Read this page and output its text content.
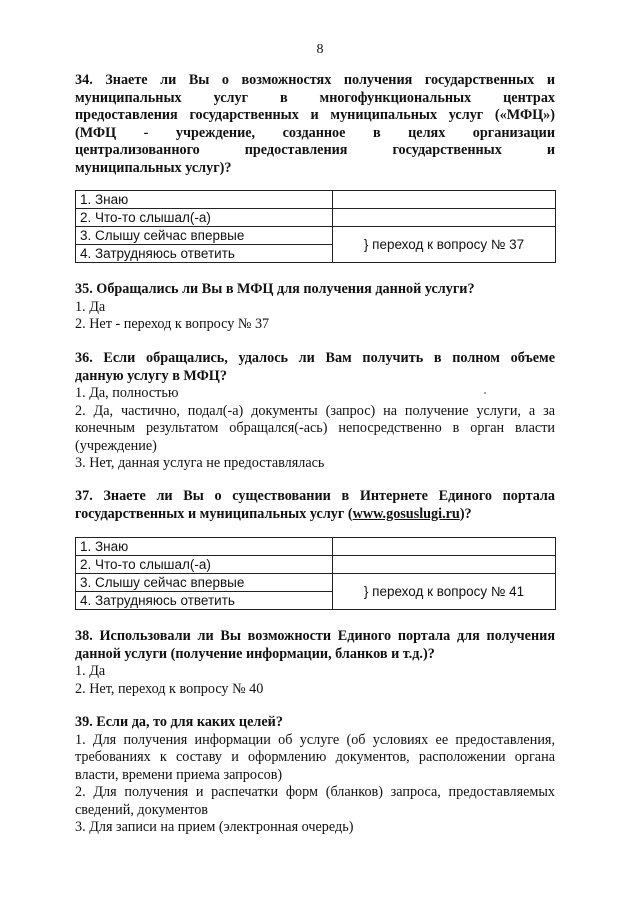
8
34. Знаете ли Вы о возможностях получения государственных и
муниципальных услуг в многофункциональных центрах
предоставления государственных и муниципальных услуг («МФЦ»)
(МФЦ - учреждение, созданное в целях организации
централизованного предоставления государственных и
муниципальных услуг)?
1. Знаю	
2. Что-то слышал(-а)	
3. Слышу сейчас впервые	} переход к вопросу № 37
4. Затрудняюсь ответить	
35. Обращались ли Вы в МФЦ для получения данной услуги?
1. Да
2. Нет - переход к вопросу № 37
36. Если обращались, удалось ли Вам получить в полном объеме
данную услугу в МФЦ?
1. Да, полностью
2. Да, частично, подал(-а) документы (запрос) на получение услуги, а за конечным результатом обращался(-ась) непосредственно в орган власти (учреждение)
3. Нет, данная услуга не предоставлялась
37. Знаете ли Вы о существовании в Интернете Единого портала
государственных и муниципальных услуг (www.gosuslugi.ru)?
1. Знаю	
2. Что-то слышал(-а)	
3. Слышу сейчас впервые	} переход к вопросу № 41
4. Затрудняюсь ответить	
38. Использовали ли Вы возможности Единого портала для получения
данной услуги (получение информации, бланков и т.д.)?
1. Да
2. Нет, переход к вопросу № 40
39. Если да, то для каких целей?
1. Для получения информации об услуге (об условиях ее предоставления, требованиях к составу и оформлению документов, расположении органа власти, времени приема запросов)
2. Для получения и распечатки форм (бланков) запроса, предоставляемых сведений, документов
3. Для записи на прием (электронная очередь)
